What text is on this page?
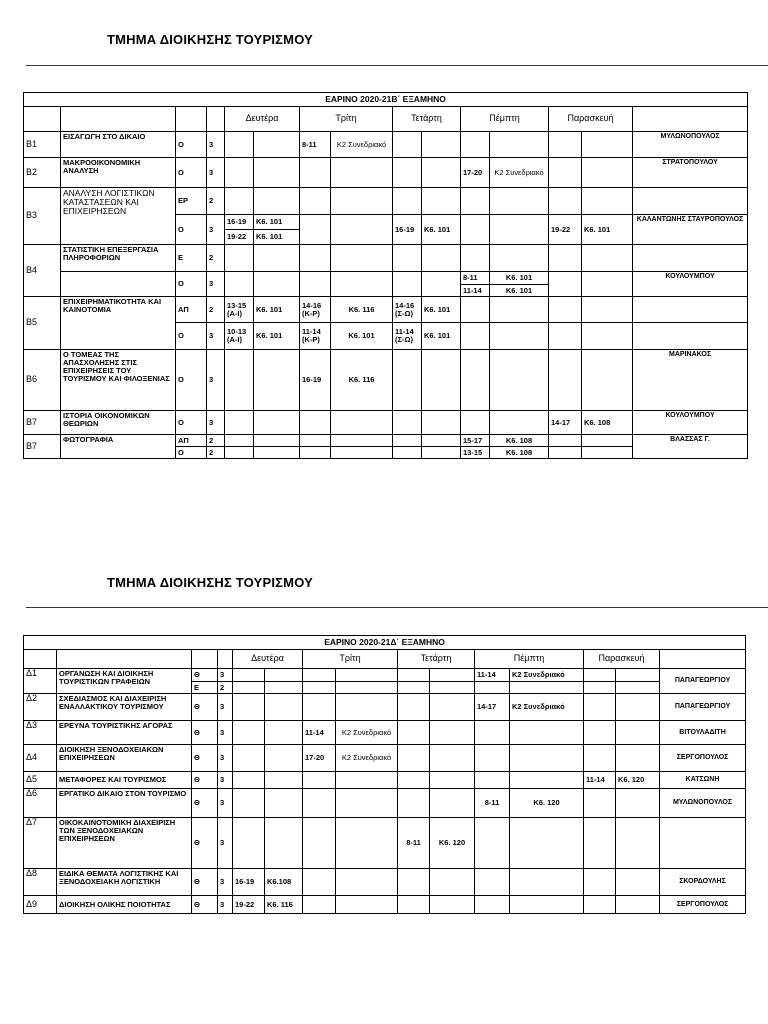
ΤΜΗΜΑ ΔΙΟΙΚΗΣΗΣ ΤΟΥΡΙΣΜΟΥ
ΕΑΡΙΝΟ 2020-21Β΄ ΕΞΑΜΗΝΟ														
				Δευτέρα		Τρίτη		Τετάρτη		Πέμπτη		Παρασκευή		
Β1	ΕΙΣΑΓΩΓΗ ΣΤΟ ΔΙΚΑΙΟ	Ο	3			8-11	Κ2 Συνεδριακό							ΜΥΛΩΝΟΠΟΥΛΟΣ
Β2	ΜΑΚΡΟΟΙΚΟΝΟΜΙΚΗ ΑΝΑΛΥΣΗ	Ο	3							17-20	Κ2 Συνεδριακό			ΣΤΡΑΤΟΠΟΥΛΟΥ
Β3	ΑΝΑΛΥΣΗ ΛΟΓΙΣΤΙΚΩΝ ΚΑΤΑΣΤΑΣΕΩΝ ΚΑΙ ΕΠΙΧΕΙΡΗΣΕΩΝ	ΕΡ	2											
		Ο	3	16-19	Κ6. 101			16-19	Κ6. 101			19-22	Κ6. 101	ΚΑΛΑΝΤΩΝΗΣ ΣΤΑΥΡΟΠΟΥΛΟΣ
				19-22	Κ6. 101									
Β4	ΣΤΑΤΙΣΤΙΚΗ ΕΠΕΞΕΡΓΑΣΙΑ ΠΛΗΡΟΦΟΡΙΩΝ	Ε	2											
		Ο	3							8-11	Κ6. 101			ΚΟΥΛΟΥΜΠΟΥ
										11-14	Κ6. 101			
Β5	ΕΠΙΧΕΙΡΗΜΑΤΙΚΟΤΗΤΑ ΚΑΙ ΚΑΙΝΟΤΟΜΙΑ	ΑΠ	2	13-15 (Α-Ι)	Κ6. 101	14-16 (Κ-Ρ)	Κ6. 116	14-16 (Σ-Ω)	Κ6. 101					
		Ο	3	10-13 (Α-Ι)	Κ6. 101	11-14 (Κ-Ρ)	Κ6. 101	11-14 (Σ-Ω)	Κ6. 101					
Β6	Ο ΤΟΜΕΑΣ ΤΗΣ ΑΠΑΣΧΟΛΗΣΗΣ ΣΤΙΣ ΕΠΙΧΕΙΡΗΣΕΙΣ ΤΟΥ ΤΟΥΡΙΣΜΟΥ ΚΑΙ ΦΙΛΟΞΕΝΙΑΣ	Ο	3			16-19	Κ6. 116							ΜΑΡΙΝΑΚΟΣ
Β7	ΙΣΤΟΡΙΑ ΟΙΚΟΝΟΜΙΚΩΝ ΘΕΩΡΙΩΝ	Ο	3									14-17	Κ6. 108	ΚΟΥΛΟΥΜΠΟΥ
Β7	ΦΩΤΟΓΡΑΦΙΑ	ΑΠ	2							15-17	Κ6. 108			ΒΛΑΣΣΑΣ Γ.
		Ο	2							13-15	Κ6. 108			
ΤΜΗΜΑ ΔΙΟΙΚΗΣΗΣ ΤΟΥΡΙΣΜΟΥ
ΕΑΡΙΝΟ 2020-21Δ΄ ΕΞΑΜΗΝΟ														
				Δευτέρα		Τρίτη		Τετάρτη		Πέμπτη		Παρασκευή		
Δ1	ΟΡΓΑΝΩΣΗ ΚΑΙ ΔΙΟΙΚΗΣΗ ΤΟΥΡΙΣΤΙΚΩΝ ΓΡΑΦΕΙΩΝ	Θ	3							11-14	Κ2 Συνεδριακό			ΠΑΠΑΓΕΩΡΓΙΟΥ
		Ε	2											
Δ2	ΣΧΕΔΙΑΣΜΟΣ ΚΑΙ ΔΙΑΧΕΙΡΙΣΗ ΕΝΑΛΛΑΚΤΙΚΟΥ ΤΟΥΡΙΣΜΟΥ	Θ	3							14-17	Κ2 Συνεδριακό			ΠΑΠΑΓΕΩΡΓΙΟΥ
Δ3	ΕΡΕΥΝΑ ΤΟΥΡΙΣΤΙΚΗΣ ΑΓΟΡΑΣ	Θ	3			11-14	Κ2 Συνεδριακό							ΒΙΤΟΥΛΑΔΙΤΗ
Δ4	ΔΙΟΙΚΗΣΗ ΞΕΝΟΔΟΧΕΙΑΚΩΝ ΕΠΙΧΕΙΡΗΣΕΩΝ	Θ	3			17-20	Κ2 Συνεδριακό							ΣΕΡΓΟΠΟΥΛΟΣ
Δ5	ΜΕΤΑΦΟΡΕΣ ΚΑΙ ΤΟΥΡΙΣΜΟΣ	Θ	3									11-14	Κ6. 120	ΚΑΤΣΩΝΗ
Δ6	ΕΡΓΑΤΙΚΟ ΔΙΚΑΙΟ ΣΤΟΝ ΤΟΥΡΙΣΜΟ	Θ	3							8-11	Κ6. 120			ΜΥΛΩΝΟΠΟΥΛΟΣ
Δ7	ΟΙΚΟΚΑΙΝΟΤΟΜΙΚΗ ΔΙΑΧΕΙΡΙΣΗ ΤΩΝ ΞΕΝΟΔΟΧΕΙΑΚΩΝ ΕΠΙΧΕΙΡΗΣΕΩΝ	Θ	3					8-11	Κ6. 120					
Δ8	ΕΙΔΙΚΑ ΘΕΜΑΤΑ ΛΟΓΙΣΤΙΚΗΣ ΚΑΙ ΞΕΝΟΔΟΧΕΙΑΚΗ ΛΟΓΙΣΤΙΚΗ	Θ	3	16-19	Κ6.108									ΣΚΟΡΔΟΥΛΗΣ
Δ9	ΔΙΟΙΚΗΣΗ ΟΛΙΚΗΣ ΠΟΙΟΤΗΤΑΣ	Θ	3	19-22	Κ6. 116									ΣΕΡΓΟΠΟΥΛΟΣ
